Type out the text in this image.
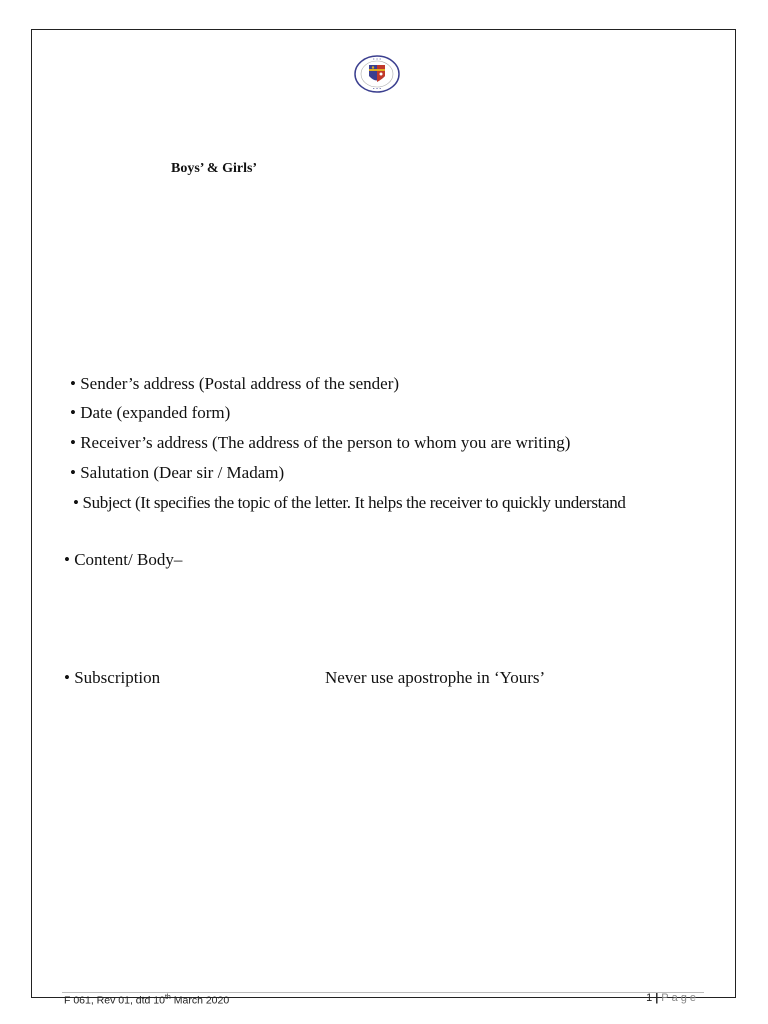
• • •
• • •
Boys’ & Girls’
• Sender’s address (Postal address of the sender)
• Date (expanded form)
• Receiver’s address (The address of the person to whom you are writing)
• Salutation (Dear sir / Madam)
• Subject (It specifies the topic of the letter. It helps the receiver to quickly understand
• Content/ Body–
• Subscription	Never use apostrophe in ‘Yours’
F 061, Rev 01, dtd 10th March 2020	1 | Page
